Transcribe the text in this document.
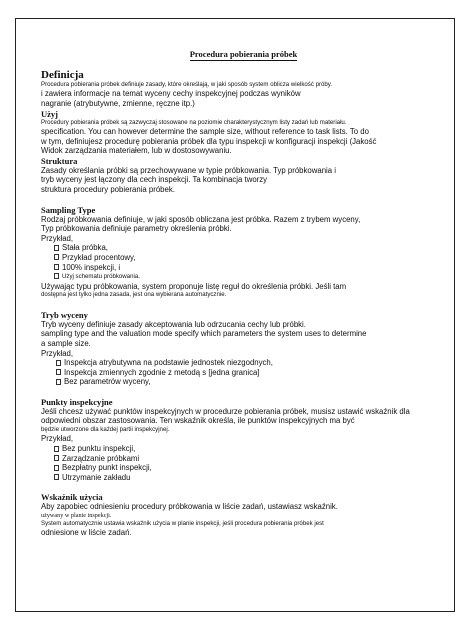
Procedura pobierania próbek

Definicja

Procedura pobierania próbek definiuje zasady, które określają, w jaki sposób system oblicza wielkość próby.

i zawiera informacje na temat wyceny cechy inspekcyjnej podczas wyników

nagranie (atrybutywne, zmienne, ręczne itp.)

Użyj

Procedury pobierania próbek są zazwyczaj stosowane na poziomie charakterystycznym listy zadań lub materiału.

specification. You can however determine the sample size, without reference to task lists. To do

w tym, definiujesz procedurę pobierania próbek dla typu inspekcji w konfiguracji inspekcji (Jakość

Widok zarządzania materiałem, lub w dostosowywaniu.

Struktura

Zasady określania próbki są przechowywane w typie próbkowania. Typ próbkowania i

tryb wyceny jest łączony dla cech inspekcji. Ta kombinacja tworzy

struktura procedury pobierania próbek.

Sampling Type

Rodzaj próbkowania definiuje, w jaki sposób obliczana jest próbka. Razem z trybem wyceny,

Typ próbkowania definiuje parametry określenia próbki.

Przykład,

Stała próbka,
Przykład procentowy,
100% inspekcji, i
Użyj schematu próbkowania.

Używając typu próbkowania, system proponuje listę reguł do określenia próbki. Jeśli tam

dostępna jest tylko jedna zasada, jest ona wybierana automatycznie.

Tryb wyceny

Tryb wyceny definiuje zasady akceptowania lub odrzucania cechy lub próbki.

sampling type and the valuation mode specify which parameters the system uses to determine

a sample size.

Przykład,

Inspekcja atrybutywna na podstawie jednostek niezgodnych,
Inspekcja zmiennych zgodnie z metodą s [jedna granica]
Bez parametrów wyceny,

Punkty inspekcyjne

Jeśli chcesz używać punktów inspekcyjnych w procedurze pobierania próbek, musisz ustawić wskaźnik dla

odpowiedni obszar zastosowania. Ten wskaźnik określa, ile punktów inspekcyjnych ma być

będzie utworzone dla każdej partii inspekcyjnej.

Przykład,

Bez punktu inspekcji,
Zarządzanie próbkami
Bezpłatny punkt inspekcji,
Utrzymanie zakładu

Wskaźnik użycia

Aby zapobiec odniesieniu procedury próbkowania w liście zadań, ustawiasz wskaźnik.

używany w planie inspekcji.

System automatycznie ustawia wskaźnik użycia w planie inspekcji, jeśli procedura pobierania próbek jest

odniesione w liście zadań.
